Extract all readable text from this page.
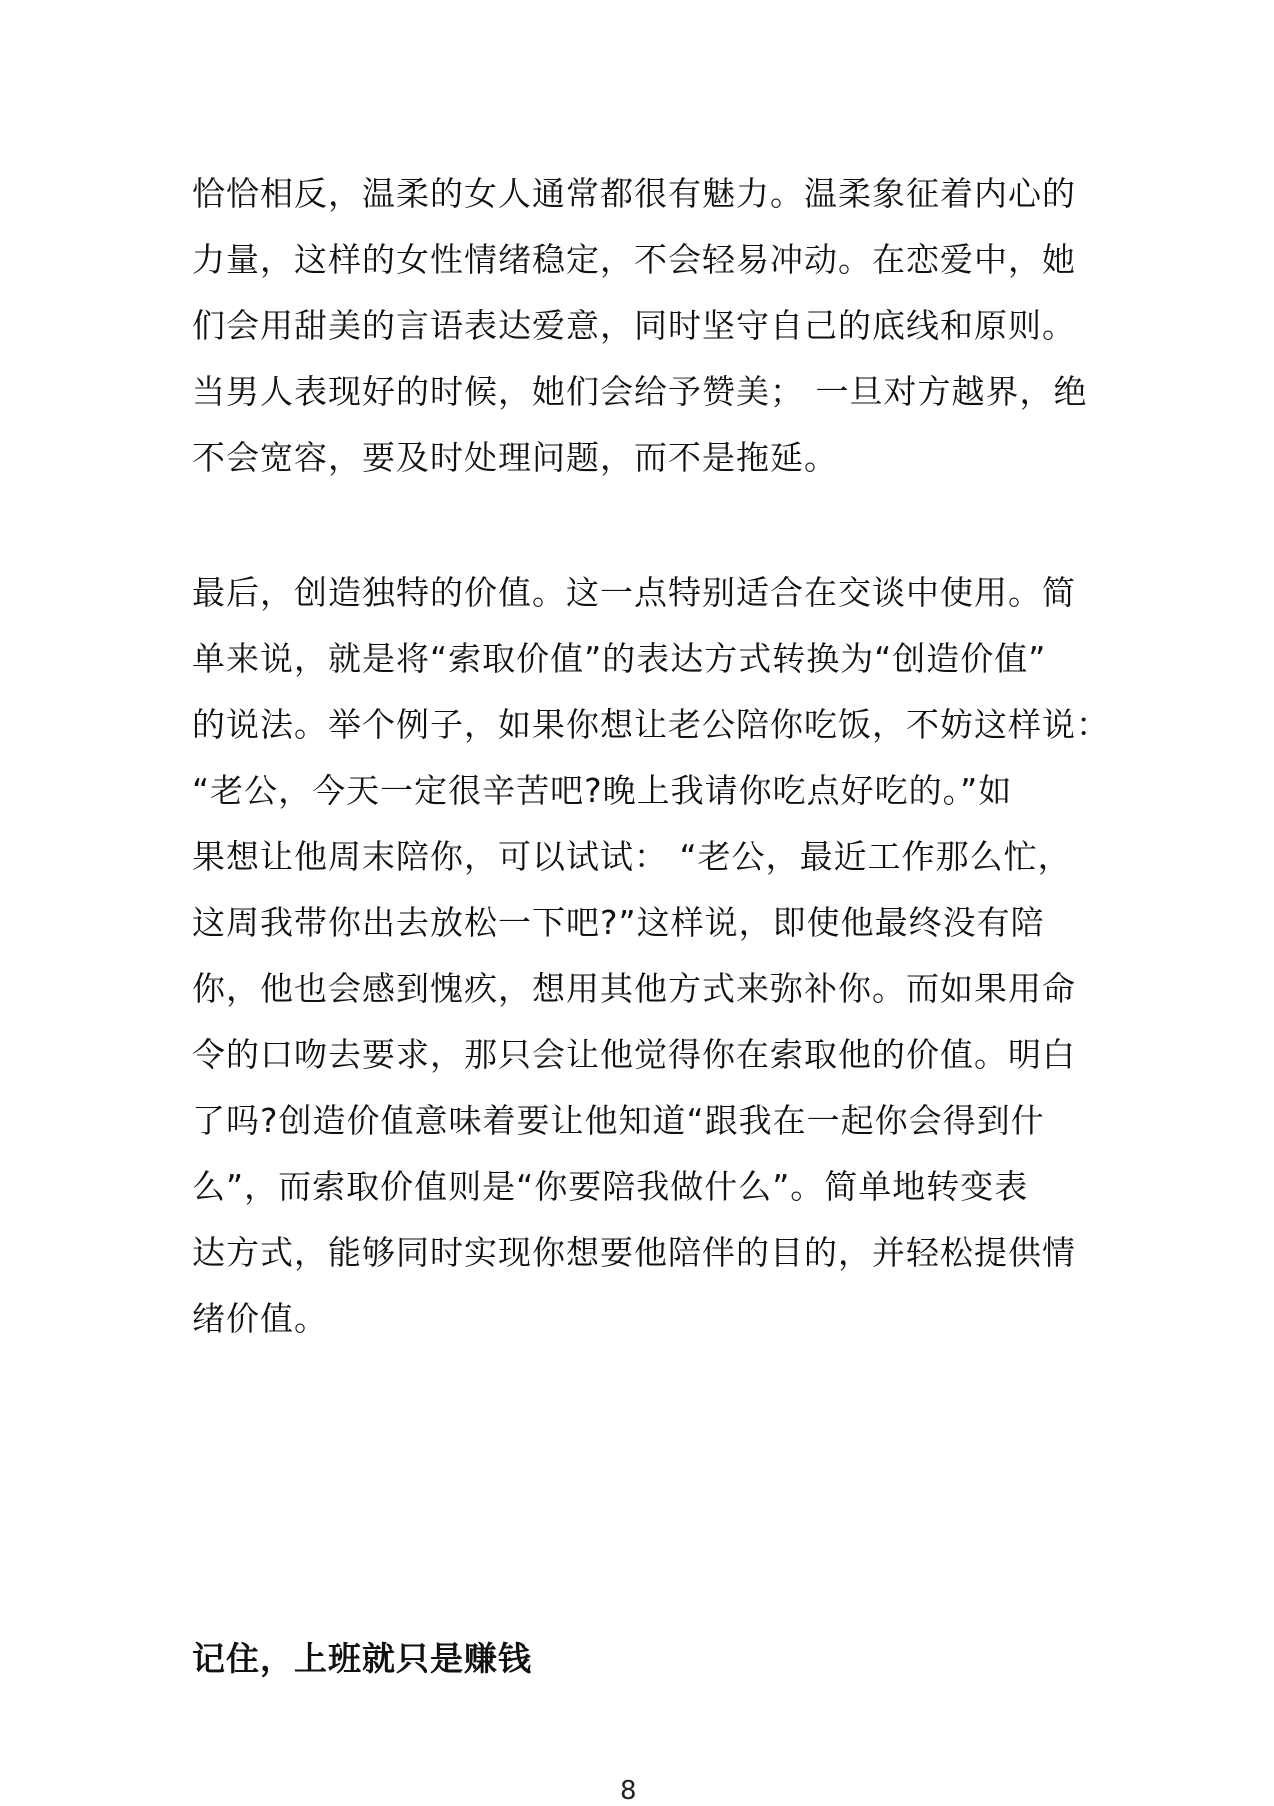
恰恰相反，温柔的女人通常都很有魅力。温柔象征着内心的
力量，这样的女性情绪稳定，不会轻易冲动。在恋爱中，她
们会用甜美的言语表达爱意，同时坚守自己的底线和原则。
当男人表现好的时候，她们会给予赞美； 一旦对方越界，绝
不会宽容，要及时处理问题，而不是拖延。
最后，创造独特的价值。这一点特别适合在交谈中使用。简
单来说，就是将“索取价值”的表达方式转换为“创造价值”
的说法。举个例子，如果你想让老公陪你吃饭，不妨这样说：
“老公，今天一定很辛苦吧?晚上我请你吃点好吃的。”如
果想让他周末陪你，可以试试： “老公，最近工作那么忙，
这周我带你出去放松一下吧?”这样说，即使他最终没有陪
你，他也会感到愧疚，想用其他方式来弥补你。而如果用命
令的口吻去要求，那只会让他觉得你在索取他的价值。明白
了吗?创造价值意味着要让他知道“跟我在一起你会得到什
么”，而索取价值则是“你要陪我做什么”。简单地转变表
达方式，能够同时实现你想要他陪伴的目的，并轻松提供情
绪价值。
记住，上班就只是赚钱
8
